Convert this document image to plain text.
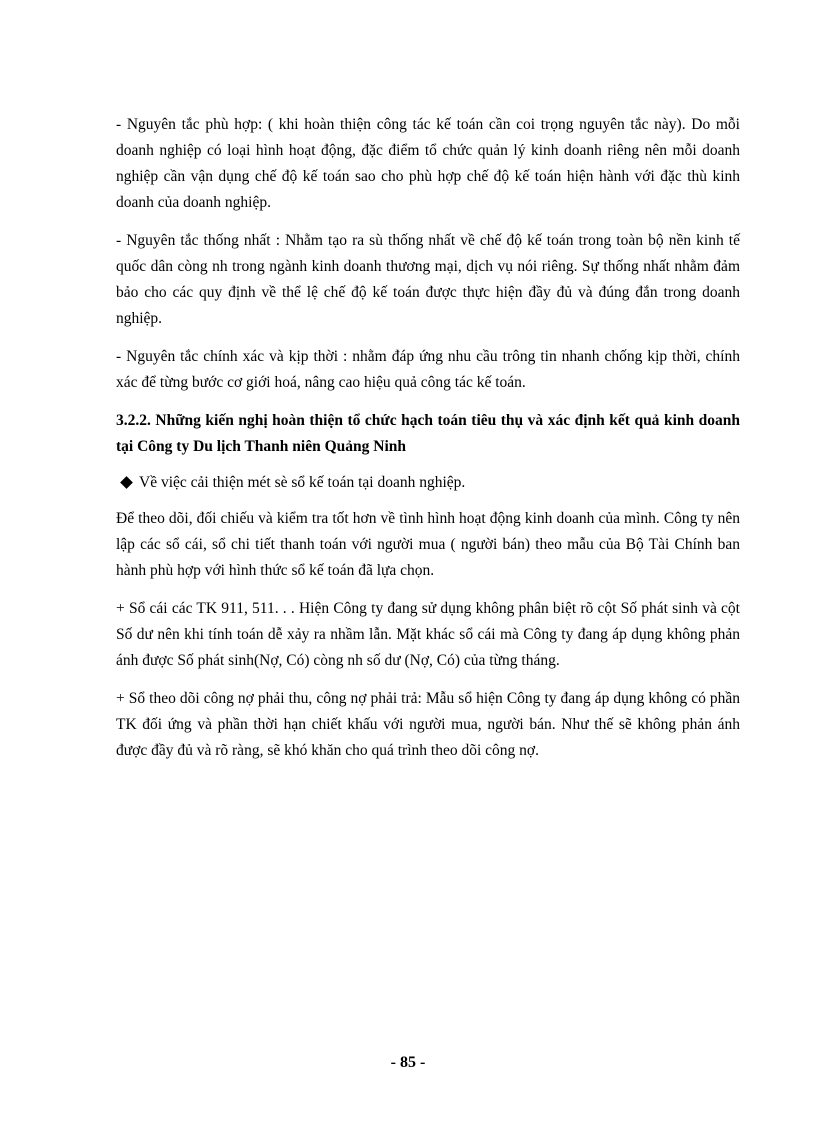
- Nguyên tắc phù hợp: ( khi hoàn thiện công tác kế toán cần coi trọng nguyên tắc này). Do mỗi doanh nghiệp có loại hình hoạt động, đặc điểm tổ chức quản lý kinh doanh riêng nên mỗi doanh nghiệp cần vận dụng chế độ kế toán sao cho phù hợp chế độ kế toán hiện hành với đặc thù kinh doanh của doanh nghiệp.

- Nguyên tắc thống nhất : Nhằm tạo ra sù thống nhất về chế độ kế toán trong toàn bộ nền kinh tế quốc dân còng nh trong ngành kinh doanh thương mại, dịch vụ nói riêng. Sự thống nhất nhằm đảm bảo cho các quy định về thể lệ chế độ kế toán được thực hiện đầy đủ và đúng đắn trong doanh nghiệp.

- Nguyên tắc chính xác và kịp thời : nhằm đáp ứng nhu cầu trông tin nhanh chống kịp thời, chính xác để từng bước cơ giới hoá, nâng cao hiệu quả công tác kế toán.

3.2.2. Những kiến nghị hoàn thiện tổ chức hạch toán tiêu thụ và xác định kết quả kinh doanh tại Công ty Du lịch Thanh niên Quảng Ninh

Về việc cải thiện mét sè sổ kế toán tại doanh nghiệp.

Để theo dõi, đối chiếu và kiểm tra tốt hơn về tình hình hoạt động kinh doanh của mình. Công ty nên lập các sổ cái, sổ chi tiết thanh toán với người mua ( người bán) theo mẫu của Bộ Tài Chính ban hành phù hợp với hình thức sổ kế toán đã lựa chọn.

+ Sổ cái các TK 911, 511. . . Hiện Công ty đang sử dụng không phân biệt rõ cột Số phát sinh và cột Số dư nên khi tính toán dễ xảy ra nhầm lẫn. Mặt khác sổ cái mà Công ty đang áp dụng không phản ánh được Số phát sinh(Nợ, Có) còng nh số dư (Nợ, Có) của từng tháng.

+ Sổ theo dõi công nợ phải thu, công nợ phải trả: Mẫu sổ hiện Công ty đang áp dụng không có phần TK đối ứng và phần thời hạn chiết khấu với người mua, người bán. Như thế sẽ không phản ánh được đầy đủ và rõ ràng, sẽ khó khăn cho quá trình theo dõi công nợ.

- 85 -
